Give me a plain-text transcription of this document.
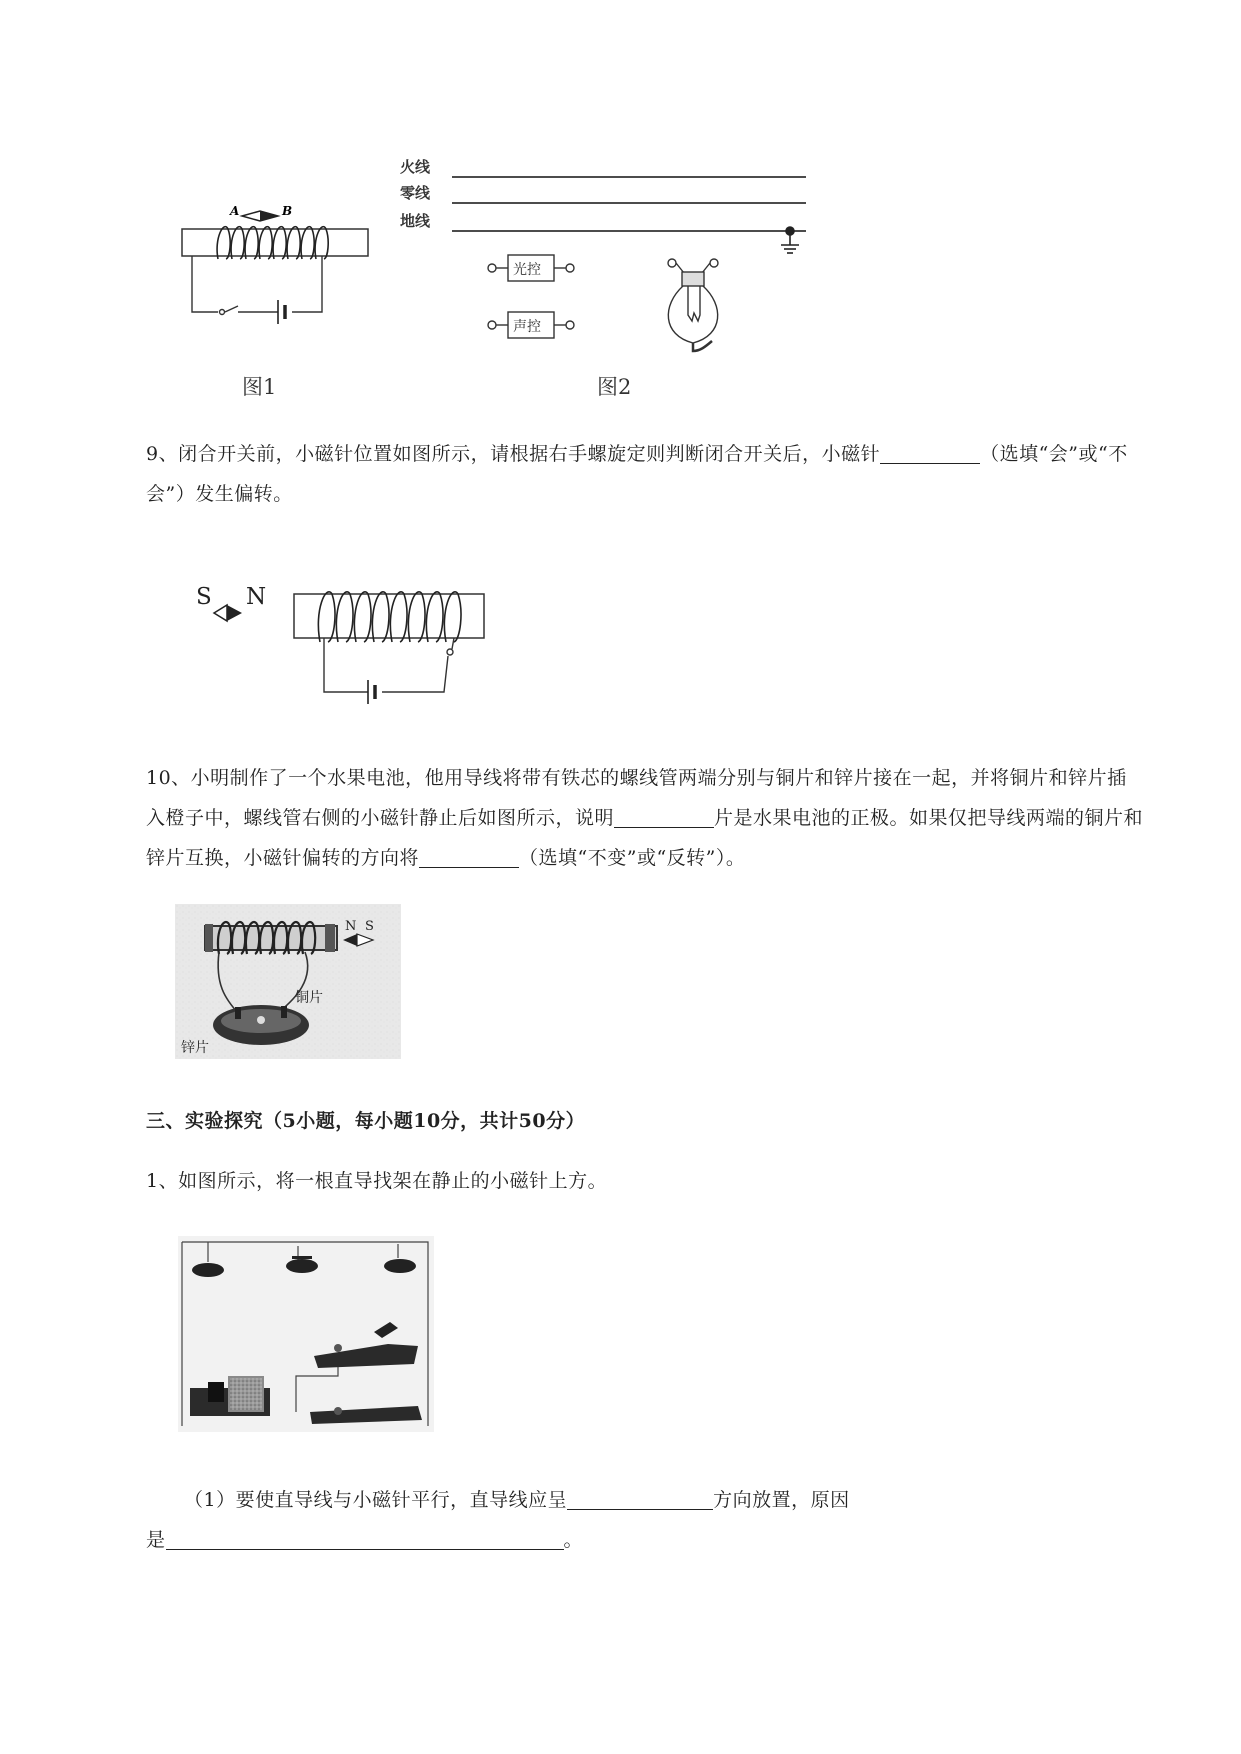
A	B
图1
火线
零线
地线
光控
声控
图2
9、闭合开关前，小磁针位置如图所示，请根据右手螺旋定则判断闭合开关后，小磁针	（选填“会”或“不会”）发生偏转。
S N
10、小明制作了一个水果电池，他用导线将带有铁芯的螺线管两端分别与铜片和锌片接在一起，并将铜片和锌片插入橙子中，螺线管右侧的小磁针静止后如图所示，说明	片是水果电池的正极。如果仅把导线两端的铜片和锌片互换，小磁针偏转的方向将	（选填“不变”或“反转”）。
N S
铜片
锌片
三、实验探究（5小题，每小题10分，共计50分）
1、如图所示，将一根直导找架在静止的小磁针上方。
（1）要使直导线与小磁针平行，直导线应呈	方向放置，原因
是	。
